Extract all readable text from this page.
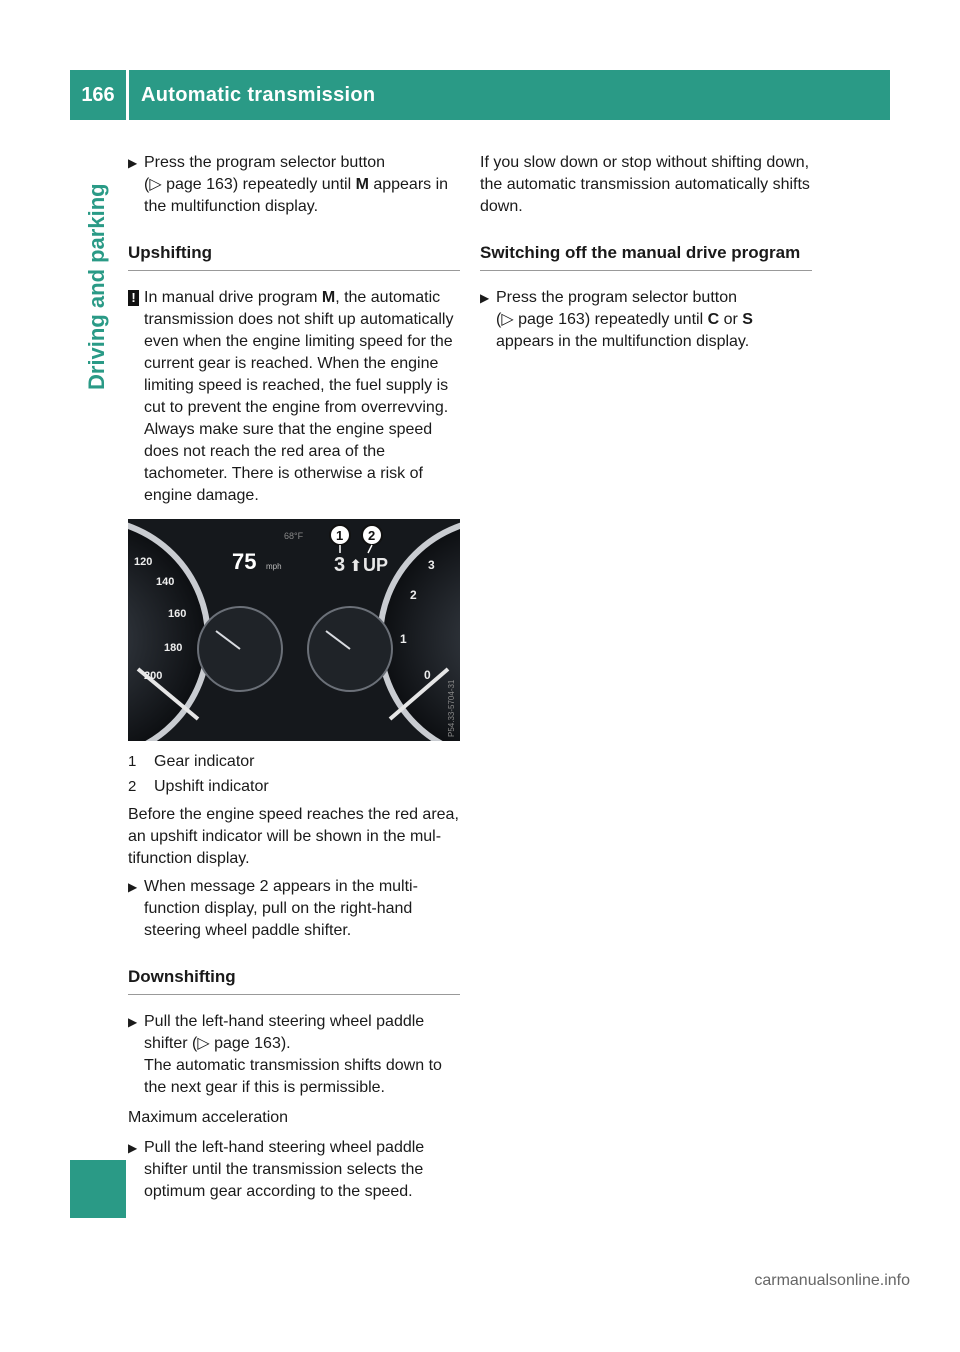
166	Automatic transmission
Driving and parking
▶ Press the program selector button
(▷ page 163) repeatedly until M appears in
the multifunction display.
Upshifting
! In manual drive program M, the automatic transmission does not shift up automatically even when the engine limiting speed for the current gear is reached. When the engine limiting speed is reached, the fuel supply is cut to prevent the engine from overrevving. Always make sure that the engine speed does not reach the red area of the tachometer. There is otherwise a risk of engine damage.
120
140
160
180
200
3
2
1
0
75 mph
68°F
3 ⬆ UP
1 2
P54.33-5704-31
1 Gear indicator
2 Upshift indicator

Before the engine speed reaches the red area, an upshift indicator will be shown in the multifunction display.

▶ When message 2 appears in the multifunction display, pull on the right-hand steering wheel paddle shifter.
Downshifting
▶ Pull the left-hand steering wheel paddle shifter (▷ page 163).
The automatic transmission shifts down to the next gear if this is permissible.

Maximum acceleration

▶ Pull the left-hand steering wheel paddle shifter until the transmission selects the optimum gear according to the speed.

If you slow down or stop without shifting down, the automatic transmission automatically shifts down.

Switching off the manual drive program
▶ Press the program selector button
(▷ page 163) repeatedly until C or S
appears in the multifunction display.
carmanualsonline.info
